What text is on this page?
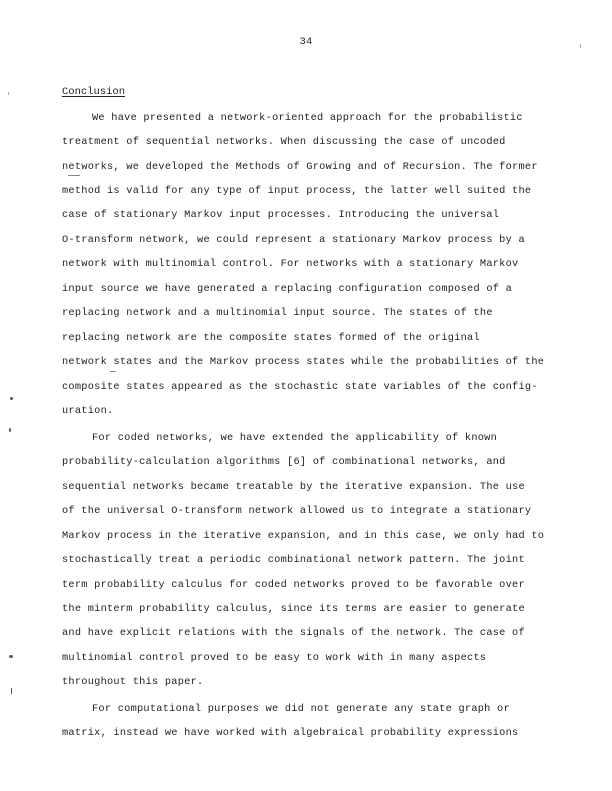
34
Conclusion
We have presented a network-oriented approach for the probabilistic
treatment of sequential networks. When discussing the case of uncoded
networks, we developed the Methods of Growing and of Recursion. The former
method is valid for any type of input process, the latter well suited the
case of stationary Markov input processes. Introducing the universal
O-transform network, we could represent a stationary Markov process by a
network with multinomial control. For networks with a stationary Markov
input source we have generated a replacing configuration composed of a
replacing network and a multinomial input source. The states of the
replacing network are the composite states formed of the original
network states and the Markov process states while the probabilities of the
composite states appeared as the stochastic state variables of the config-
uration.
For coded networks, we have extended the applicability of known
probability-calculation algorithms [6] of combinational networks, and
sequential networks became treatable by the iterative expansion. The use
of the universal O-transform network allowed us to integrate a stationary
Markov process in the iterative expansion, and in this case, we only had to
stochastically treat a periodic combinational network pattern. The joint
term probability calculus for coded networks proved to be favorable over
the minterm probability calculus, since its terms are easier to generate
and have explicit relations with the signals of the network. The case of
multinomial control proved to be easy to work with in many aspects
throughout this paper.
For computational purposes we did not generate any state graph or
matrix, instead we have worked with algebraical probability expressions
